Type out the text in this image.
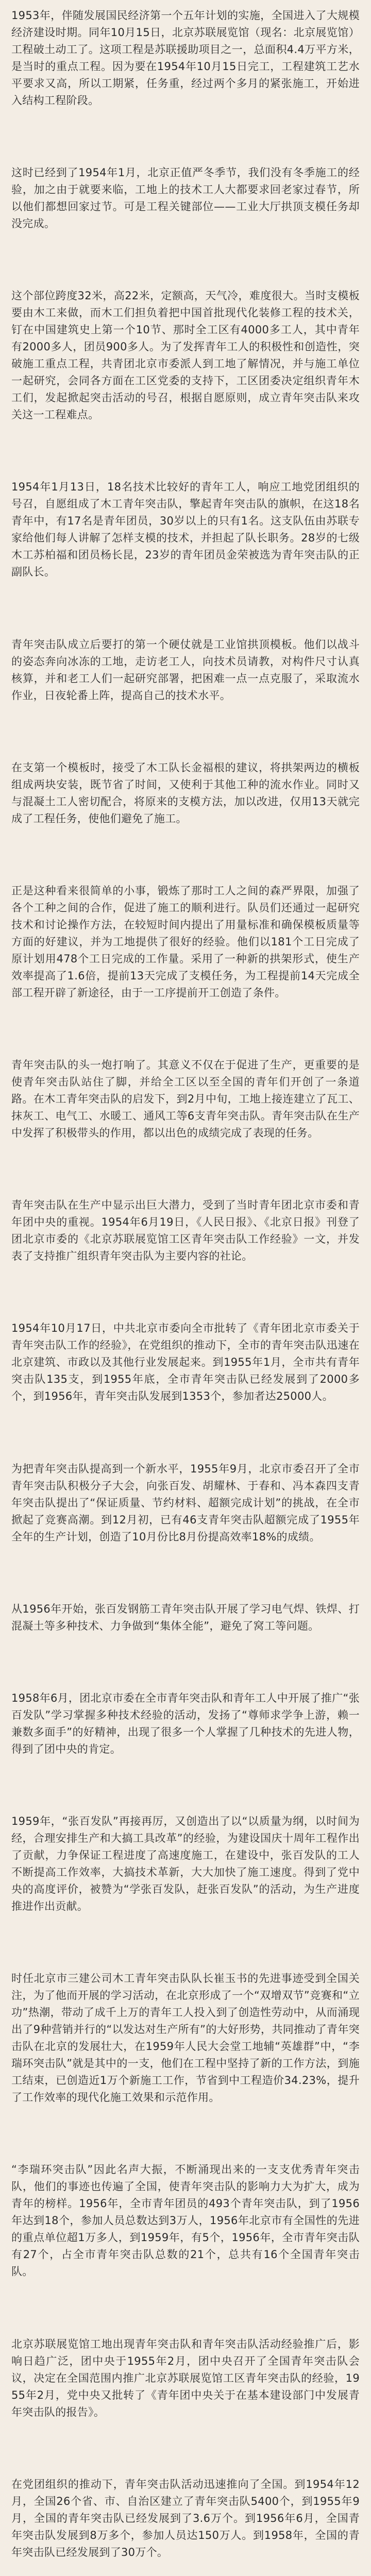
1953年，伴随发展国民经济第一个五年计划的实施，全国进入了大规模经济建设时期。同年10月15日，北京苏联展览馆（现名：北京展览馆）工程破土动工了。这项工程是苏联援助项目之一，总面积4.4万平方米，是当时的重点工程。因为要在1954年10月15日完工，工程建筑工艺水平要求又高，所以工期紧，任务重，经过两个多月的紧张施工，开始进入结构工程阶段。

这时已经到了1954年1月，北京正值严冬季节，我们没有冬季施工的经验，加之由于就要来临，工地上的技术工人大都要求回老家过春节，所以他们都想回家过节。可是工程关键部位——工业大厅拱顶支模任务却没完成。

这个部位跨度32米，高22米，定额高，天气冷，难度很大。当时支模板要由木工来做，而木工们担负着把中国首批现代化装修工程的技术关，钉在中国建筑史上第一个10节、那时全工区有4000多工人，其中青年有2000多人，团员900多人。为了发挥青年工人的积极性和创造性，突破施工重点工程，共青团北京市委派人到工地了解情况，并与施工单位一起研究，会同各方面在工区党委的支持下，工区团委决定组织青年木工们，发起掀起突击活动的号召，根据自愿原则，成立青年突击队来攻关这一工程难点。

1954年1月13日，18名技术比较好的青年工人，响应工地党团组织的号召，自愿组成了木工青年突击队，擎起青年突击队的旗帜，在这18名青年中，有17名是青年团员，30岁以上的只有1名。这支队伍由苏联专家给他们每人讲解了怎样支模的技术，并担起了队长职务。28岁的七级木工苏柏福和团员杨长昆，23岁的青年团员金荣被选为青年突击队的正副队长。

青年突击队成立后要打的第一个硬仗就是工业馆拱顶模板。他们以战斗的姿态奔向冰冻的工地，走访老工人，向技术员请教，对构件尺寸认真核算，并和老工人们一起研究部署，把困难一点一点克服了，采取流水作业，日夜轮番上阵，提高自己的技术水平。

在支第一个模板时，接受了木工队长金福根的建议，将拱架两边的横板组成两块安装，既节省了时间，又使利于其他工种的流水作业。同时又与混凝土工人密切配合，将原来的支模方法，加以改进，仅用13天就完成了工程任务，使他们避免了施工。

正是这种看来很简单的小事，锻炼了那时工人之间的森严界限，加强了各个工种之间的合作，促进了施工的顺利进行。队员们还通过一起研究技术和讨论操作方法，在较短时间内提出了用量标准和确保模板质量等方面的好建议，并为工地提供了很好的经验。他们以181个工日完成了原计划用478个工日完成的工作量。采用了一种新的拱架形式，使生产效率提高了1.6倍，提前13天完成了支模任务，为工程提前14天完成全部工程开辟了新途径，由于一工序提前开工创造了条件。

青年突击队的头一炮打响了。其意义不仅在于促进了生产，更重要的是使青年突击队站住了脚，并给全工区以至全国的青年们开创了一条道路。在木工青年突击队的启发下，到2月中旬，工地上接连建立了瓦工、抹灰工、电气工、水暖工、通风工等6支青年突击队。青年突击队在生产中发挥了积极带头的作用，都以出色的成绩完成了表现的任务。

青年突击队在生产中显示出巨大潜力，受到了当时青年团北京市委和青年团中央的重视。1954年6月19日，《人民日报》、《北京日报》刊登了团北京市委的《北京苏联展览馆工区青年突击队工作经验》一文，并发表了支持推广组织青年突击队为主要内容的社论。

1954年10月17日，中共北京市委向全市批转了《青年团北京市委关于青年突击队工作的经验》，在党组织的推动下，全市的青年突击队迅速在北京建筑、市政以及其他行业发展起来。到1955年1月，全市共有青年突击队135支，到1955年底，全市青年突击队已经发展到了2000多个，到1956年，青年突击队发展到1353个，参加者达25000人。

为把青年突击队提高到一个新水平，1955年9月，北京市委召开了全市青年突击队积极分子大会，向张百发、胡耀林、于春和、冯本森四支青年突击队提出了“保证质量、节约材料、超额完成计划”的挑战，在全市掀起了竞赛高潮。到12月初，已有46支青年突击队超额完成了1955年全年的生产计划，创造了10月份比8月份提高效率18%的成绩。

从1956年开始，张百发钢筋工青年突击队开展了学习电气焊、铁焊、打混凝土等多种技术、力争做到“集体全能”，避免了窝工等问题。

1958年6月，团北京市委在全市青年突击队和青年工人中开展了推广“张百发队”学习掌握多种技术经验的活动，发扬了“尊师求学争上游，赖一兼数多面手”的好精神，出现了很多一个人掌握了几种技术的先进人物，得到了团中央的肯定。

1959年，“张百发队”再接再厉，又创造出了以“以质量为纲，以时间为经，合理安排生产和大搞工具改革”的经验，为建设国庆十周年工程作出了贡献，力争保证工程进度了高速度施工，在建设中，张百发队的工人不断提高工作效率，大搞技术革新，大大加快了施工速度。得到了党中央的高度评价，被赞为“学张百发队，赶张百发队”的活动，为生产进度推进作出贡献。

时任北京市三建公司木工青年突击队队长崔玉书的先进事迹受到全国关注，为了他而开展的学习活动，在北京形成了一个“双增双节”竞赛和“立功”热潮，带动了成千上万的青年工人投入到了创造性劳动中，从而涌现出了9种营销并行的“以发达对生产所有”的大好形势，共同推动了青年突击队在北京的发展壮大，在1959年人民大会堂工地辅“英雄群”中，“李瑞环突击队”就是其中的一支，他们在工程中坚持了新的工作方法，到施工结束，已创造近1万个新施工工作，节省到中工程造价34.23%，提升了工作效率的现代化施工效果和示范作用。

“李瑞环突击队”因此名声大振，不断涌现出来的一支支优秀青年突击队，他们的事迹也传遍了全国，使青年突击队的影响力大为扩大，成为青年的榜样。1956年，全市青年团员的493个青年突击队，到了1956年达到18个，参加人员总数达到3万人，1956年北京市有全国性的先进的重点单位超1万多人，到1959年，有5个，1956年，全市青年突击队有27个，占全市青年突击队总数的21个，总共有16个全国青年突击队。

北京苏联展览馆工地出现青年突击队和青年突击队活动经验推广后，影响日趋广泛，团中央于1955年2月，团中央召开了全国青年突击队会议，决定在全国范围内推广北京苏联展览馆工区青年突击队的经验，1955年2月，党中央又批转了《青年团中央关于在基本建设部门中发展青年突击队的报告》。

在党团组织的推动下，青年突击队活动迅速推向了全国。到1954年12月，全国26个省、市、自治区建立了青年突击队5400个，到1955年9月，全国的青年突击队已经发展到了3.6万个。到1956年6月，全国青年突击队发展到8万多个，参加人员达150万人。到1958年，全国的青年突击队已经发展到了30万个。
